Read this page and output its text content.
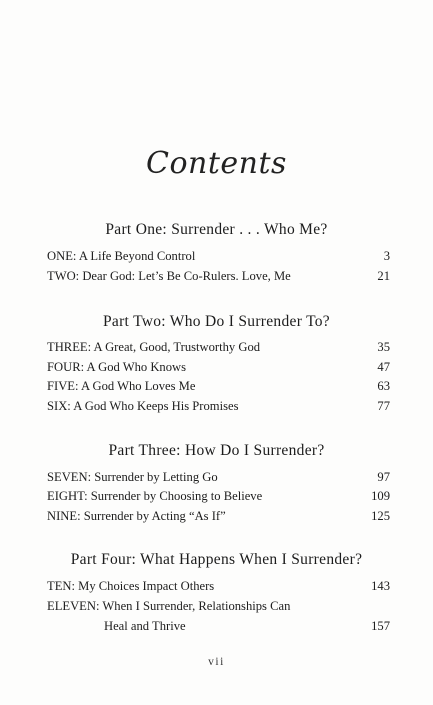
Contents
Part One: Surrender . . . Who Me?
ONE: A Life Beyond Control	3
TWO: Dear God: Let’s Be Co-Rulers. Love, Me	21
Part Two: Who Do I Surrender To?
THREE: A Great, Good, Trustworthy God	35
FOUR: A God Who Knows	47
FIVE: A God Who Loves Me	63
SIX: A God Who Keeps His Promises	77
Part Three: How Do I Surrender?
SEVEN: Surrender by Letting Go	97
EIGHT: Surrender by Choosing to Believe	109
NINE: Surrender by Acting “As If”	125
Part Four: What Happens When I Surrender?
TEN: My Choices Impact Others	143
ELEVEN: When I Surrender, Relationships Can
Heal and Thrive	157
vii
